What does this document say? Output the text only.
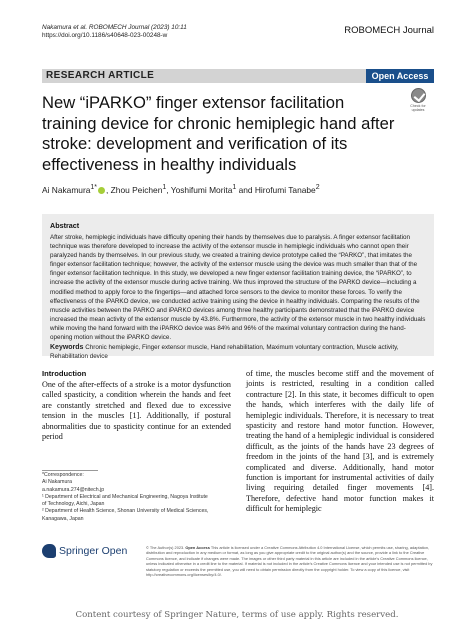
Nakamura et al. ROBOMECH Journal (2023) 10:11
https://doi.org/10.1186/s40648-023-00248-w	ROBOMECH Journal
RESEARCH ARTICLE	Open Access
New “iPARKO” finger extensor facilitation training device for chronic hemiplegic hand after stroke: development and verification of its effectiveness in healthy individuals
Check for updates
Ai Nakamura$^{1*}$ , Zhou Peichen$^1$, Yoshifumi Morita$^1$ and Hirofumi Tanabe$^2$
Abstract

After stroke, hemiplegic individuals have difficulty opening their hands by themselves due to paralysis. A finger extensor facilitation technique was therefore developed to increase the activity of the extensor muscle in hemiplegic individuals who cannot open their paralyzed hands by themselves. In our previous study, we created a training device prototype called the “PARKO”, that imitates the finger extensor facilitation technique; however, the activity of the extensor muscle using the device was much smaller than that of the finger extensor facilitation technique. In this study, we developed a new finger extensor facilitation training device, the “iPARKO”, to increase the activity of the extensor muscle during active training. We thus improved the structure of the PARKO device—including a modified method to apply force to the fingertips—and attached force sensors to the device to monitor these forces. To verify the effectiveness of the iPARKO device, we conducted active training using the device in healthy individuals. Comparing the results of the muscle activities between the PARKO and iPARKO devices among three healthy participants demonstrated that the iPARKO device increased the mean activity of the extensor muscle by 43.8%. Furthermore, the activity of the extensor muscle in two healthy individuals while moving the hand forward with the iPARKO device was 84% and 96% of the maximal voluntary contraction during the hand-opening motion without the iPARKO device.

Keywords Chronic hemiplegic, Finger extensor muscle, Hand rehabilitation, Maximum voluntary contraction, Muscle activity, Rehabilitation device

Introduction

One of the after-effects of a stroke is a motor dysfunction called spasticity, a condition wherein the hands and feet are constantly stretched and flexed due to excessive tension in the muscles [1]. Additionally, if postural abnormalities due to spasticity continue for an extended period

of time, the muscles become stiff and the movement of joints is restricted, resulting in a condition called contracture [2]. In this state, it becomes difficult to open the hands, which interferes with the daily life of hemiplegic individuals. Therefore, it is necessary to treat spasticity and restore hand motor function. However, treating the hand of a hemiplegic individual is considered difficult, as the joints of the hands have 23 degrees of freedom in the joints of the hand [3], and is extremely complicated and diverse. Additionally, hand motor function is important for instrumental activities of daily living requiring detailed finger movements [4]. Therefore, defective hand motor function makes it difficult for hemiplegic

*Correspondence:
Ai Nakamura
a.nakamura.274@nitech.jp
¹ Department of Electrical and Mechanical Engineering, Nagoya Institute
of Technology, Aichi, Japan
² Department of Health Science, Shonan University of Medical Sciences,
Kanagawa, Japan
Springer Open	© The Author(s) 2023. Open Access This article is licensed under a Creative Commons Attribution 4.0 International License, which permits use, sharing, adaptation, distribution and reproduction in any medium or format, as long as you give appropriate credit to the original author(s) and the source, provide a link to the Creative Commons licence, and indicate if changes were made. The images or other third party material in this article are included in the article's Creative Commons licence, unless indicated otherwise in a credit line to the material. If material is not included in the article's Creative Commons licence and your intended use is not permitted by statutory regulation or exceeds the permitted use, you will need to obtain permission directly from the copyright holder. To view a copy of this licence, visit http://creativecommons.org/licenses/by/4.0/.

Content courtesy of Springer Nature, terms of use apply. Rights reserved.
